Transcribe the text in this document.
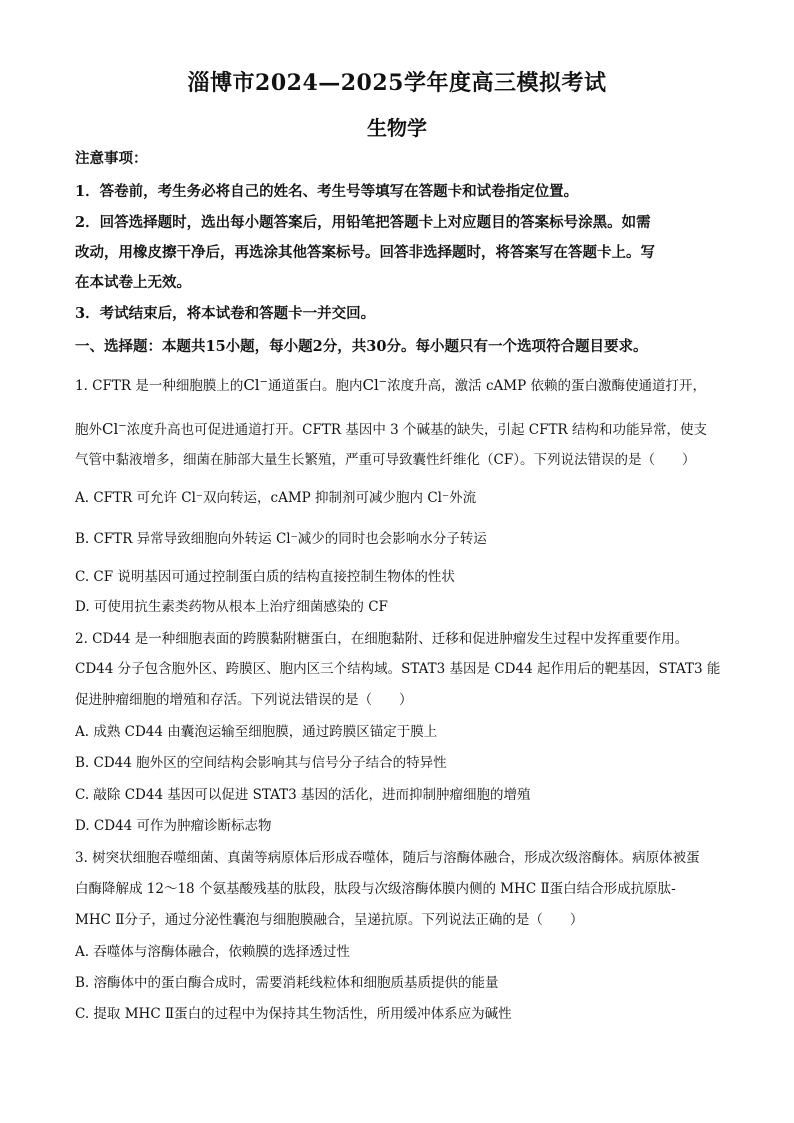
淄博市2024—2025学年度高三模拟考试
生物学
注意事项：
1．答卷前，考生务必将自己的姓名、考生号等填写在答题卡和试卷指定位置。
2．回答选择题时，选出每小题答案后，用铅笔把答题卡上对应题目的答案标号涂黑。如需
改动，用橡皮擦干净后，再选涂其他答案标号。回答非选择题时，将答案写在答题卡上。写
在本试卷上无效。
3．考试结束后，将本试卷和答题卡一并交回。
一、选择题：本题共15小题，每小题2分，共30分。每小题只有一个选项符合题目要求。
1. CFTR 是一种细胞膜上的Cl−通道蛋白。胞内Cl−浓度升高，激活 cAMP 依赖的蛋白激酶使通道打开，
胞外Cl−浓度升高也可促进通道打开。CFTR 基因中 3 个碱基的缺失，引起 CFTR 结构和功能异常，使支
气管中黏液增多，细菌在肺部大量生长繁殖，严重可导致囊性纤维化（CF）。下列说法错误的是（　　）
A. CFTR 可允许 Cl⁻双向转运，cAMP 抑制剂可减少胞内 Cl⁻外流
B. CFTR 异常导致细胞向外转运 Cl⁻减少的同时也会影响水分子转运
C. CF 说明基因可通过控制蛋白质的结构直接控制生物体的性状
D. 可使用抗生素类药物从根本上治疗细菌感染的 CF
2. CD44 是一种细胞表面的跨膜黏附糖蛋白，在细胞黏附、迁移和促进肿瘤发生过程中发挥重要作用。
CD44 分子包含胞外区、跨膜区、胞内区三个结构域。STAT3 基因是 CD44 起作用后的靶基因，STAT3 能
促进肿瘤细胞的增殖和存活。下列说法错误的是（　　）
A. 成熟 CD44 由囊泡运输至细胞膜，通过跨膜区锚定于膜上
B. CD44 胞外区的空间结构会影响其与信号分子结合的特异性
C. 敲除 CD44 基因可以促进 STAT3 基因的活化，进而抑制肿瘤细胞的增殖
D. CD44 可作为肿瘤诊断标志物
3. 树突状细胞吞噬细菌、真菌等病原体后形成吞噬体，随后与溶酶体融合，形成次级溶酶体。病原体被蛋
白酶降解成 12～18 个氨基酸残基的肽段，肽段与次级溶酶体膜内侧的 MHC Ⅱ蛋白结合形成抗原肽-
MHC Ⅱ分子，通过分泌性囊泡与细胞膜融合，呈递抗原。下列说法正确的是（　　）
A. 吞噬体与溶酶体融合，依赖膜的选择透过性
B. 溶酶体中的蛋白酶合成时，需要消耗线粒体和细胞质基质提供的能量
C. 提取 MHC Ⅱ蛋白的过程中为保持其生物活性，所用缓冲体系应为碱性
